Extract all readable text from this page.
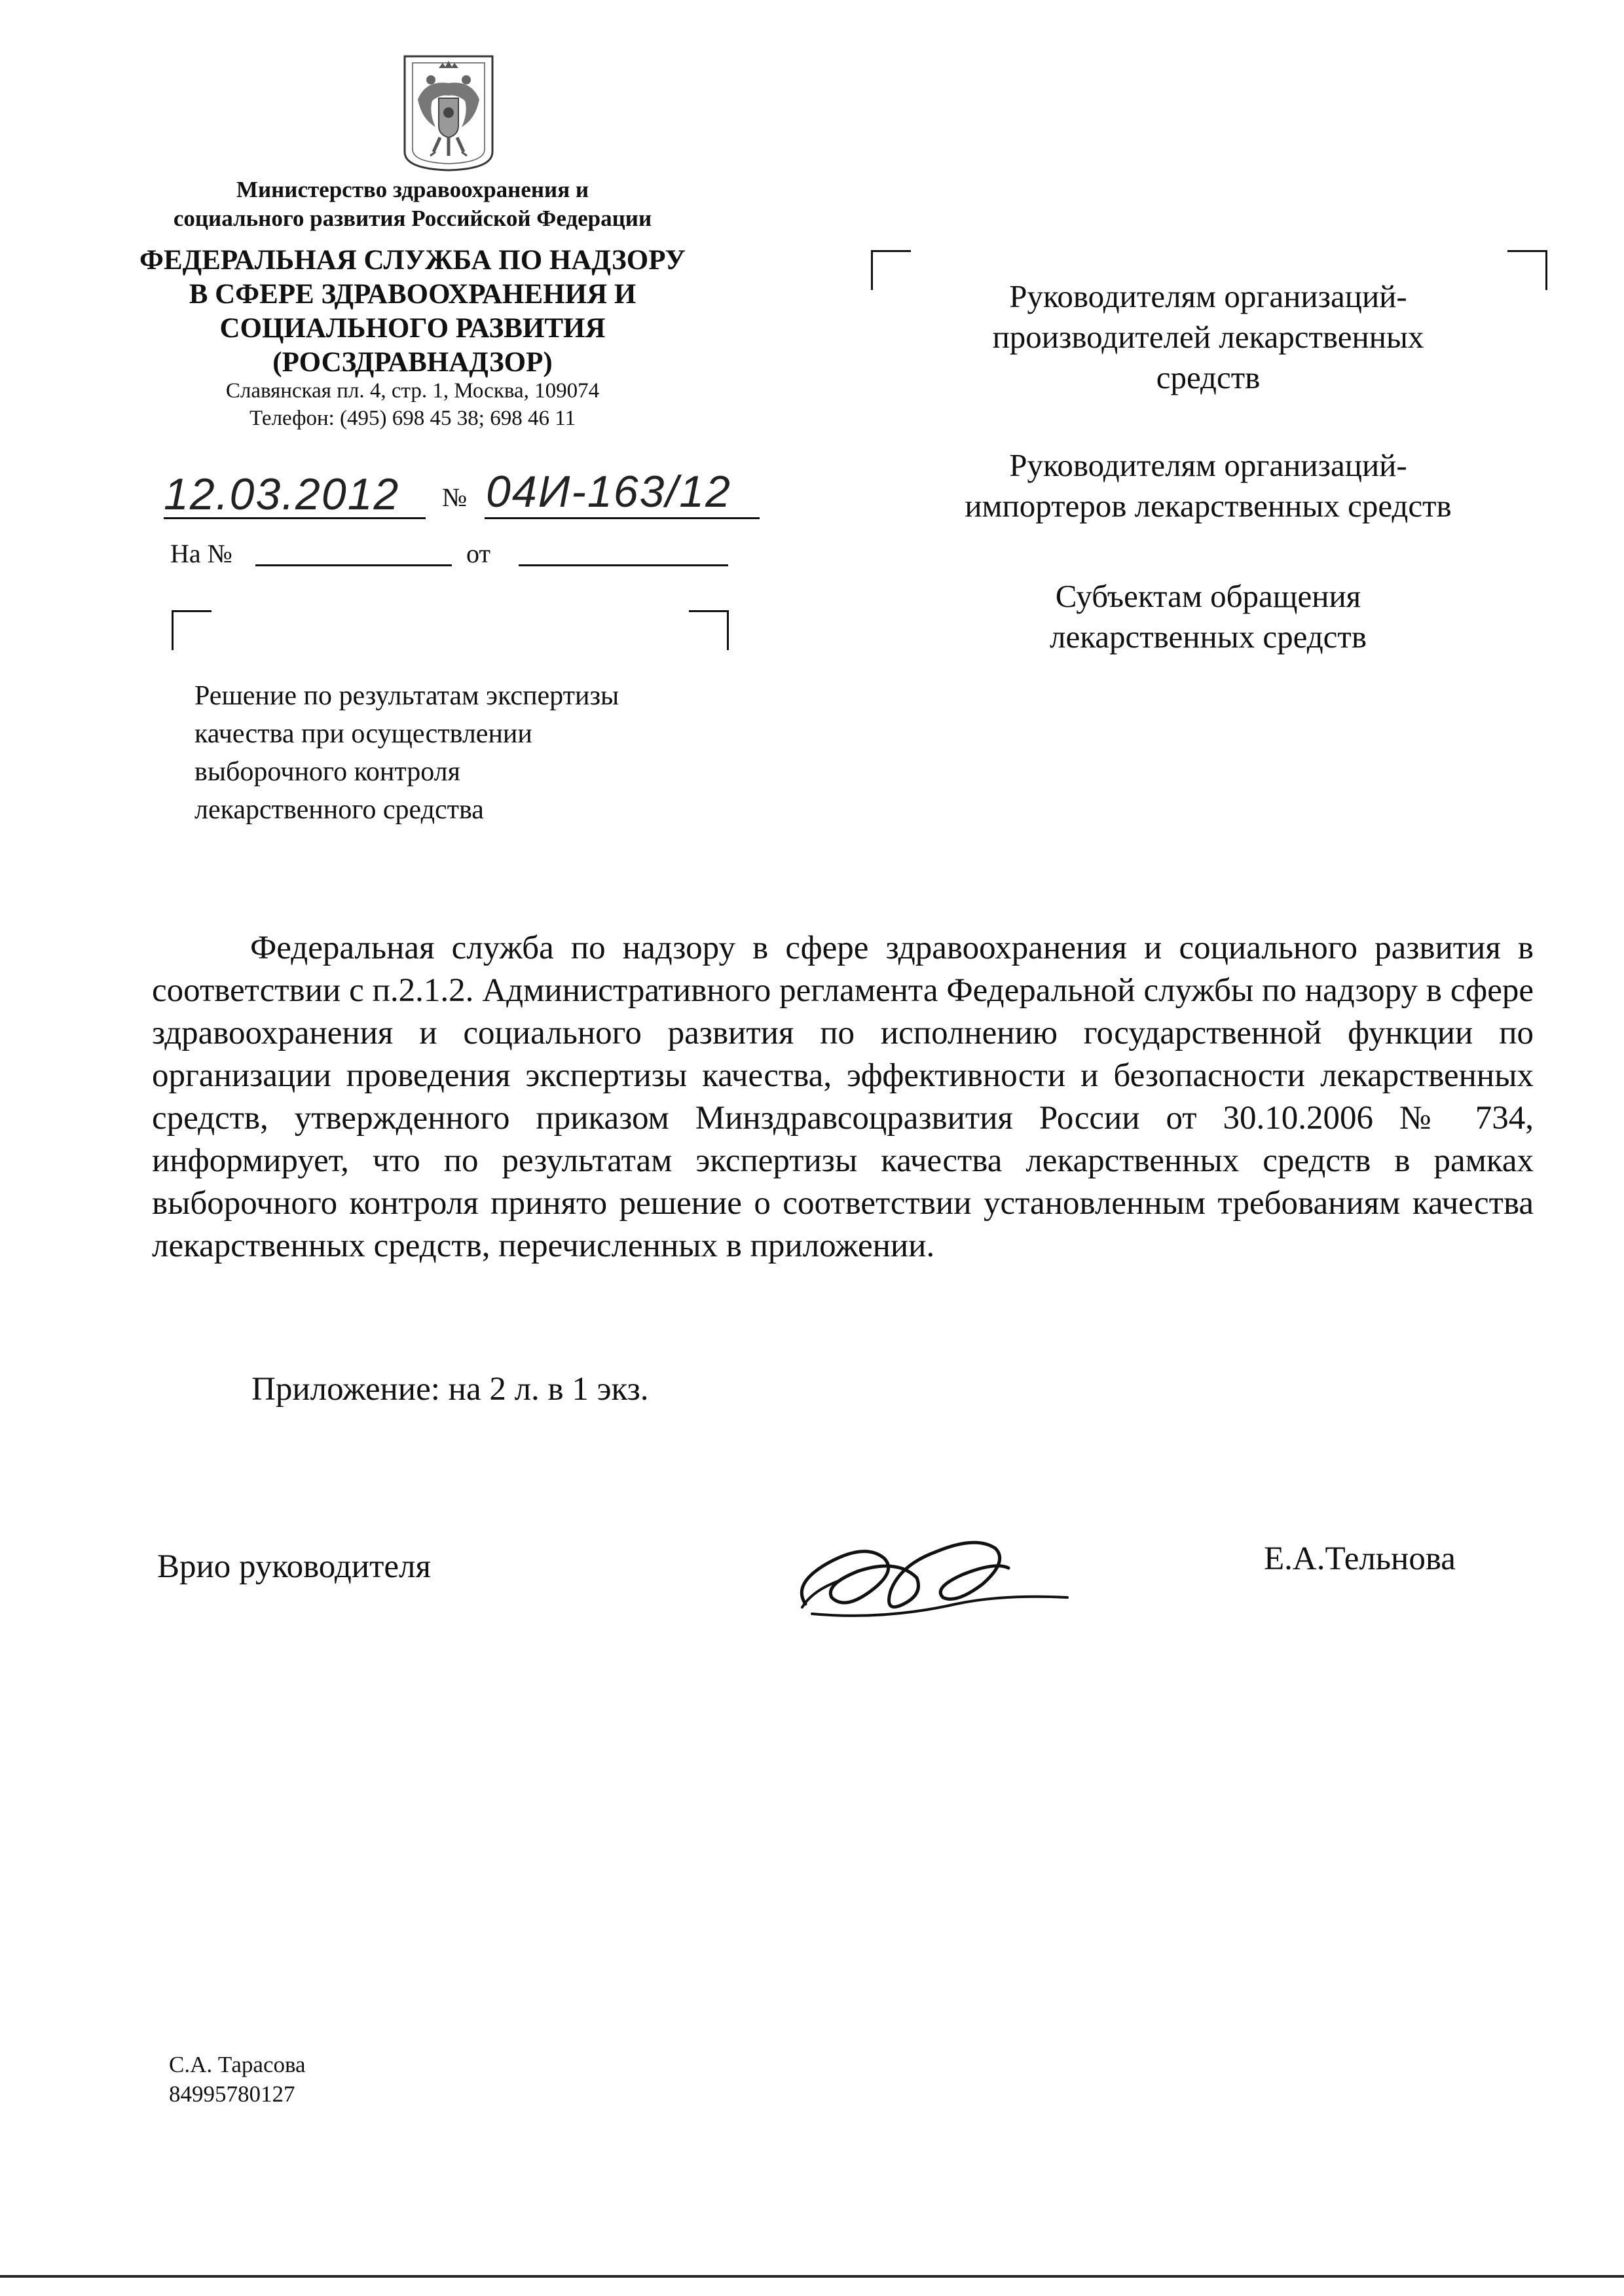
Министерство здравоохранения и
социального развития Российской Федерации
ФЕДЕРАЛЬНАЯ СЛУЖБА ПО НАДЗОРУ
В СФЕРЕ ЗДРАВООХРАНЕНИЯ И
СОЦИАЛЬНОГО РАЗВИТИЯ
(РОСЗДРАВНАДЗОР)
Славянская пл. 4, стр. 1, Москва, 109074
Телефон: (495) 698 45 38; 698 46 11
12.03.2012 № 04И-163/12
На №	от
Решение по результатам экспертизы
качества при осуществлении
выборочного контроля
лекарственного средства
Руководителям организаций-
производителей лекарственных
средств
Руководителям организаций-
импортеров лекарственных средств
Субъектам обращения
лекарственных средств
Федеральная служба по надзору в сфере здравоохранения и социального развития в соответствии с п.2.1.2. Административного регламента Федеральной службы по надзору в сфере здравоохранения и социального развития по исполнению государственной функции по организации проведения экспертизы качества, эффективности и безопасности лекарственных средств, утвержденного приказом Минздравсоцразвития России от 30.10.2006 № 734, информирует, что по результатам экспертизы качества лекарственных средств в рамках выборочного контроля принято решение о соответствии установленным требованиям качества лекарственных средств, перечисленных в приложении.
Приложение: на 2 л. в 1 экз.
Врио руководителя	Е.А.Тельнова
С.А. Тарасова
84995780127
